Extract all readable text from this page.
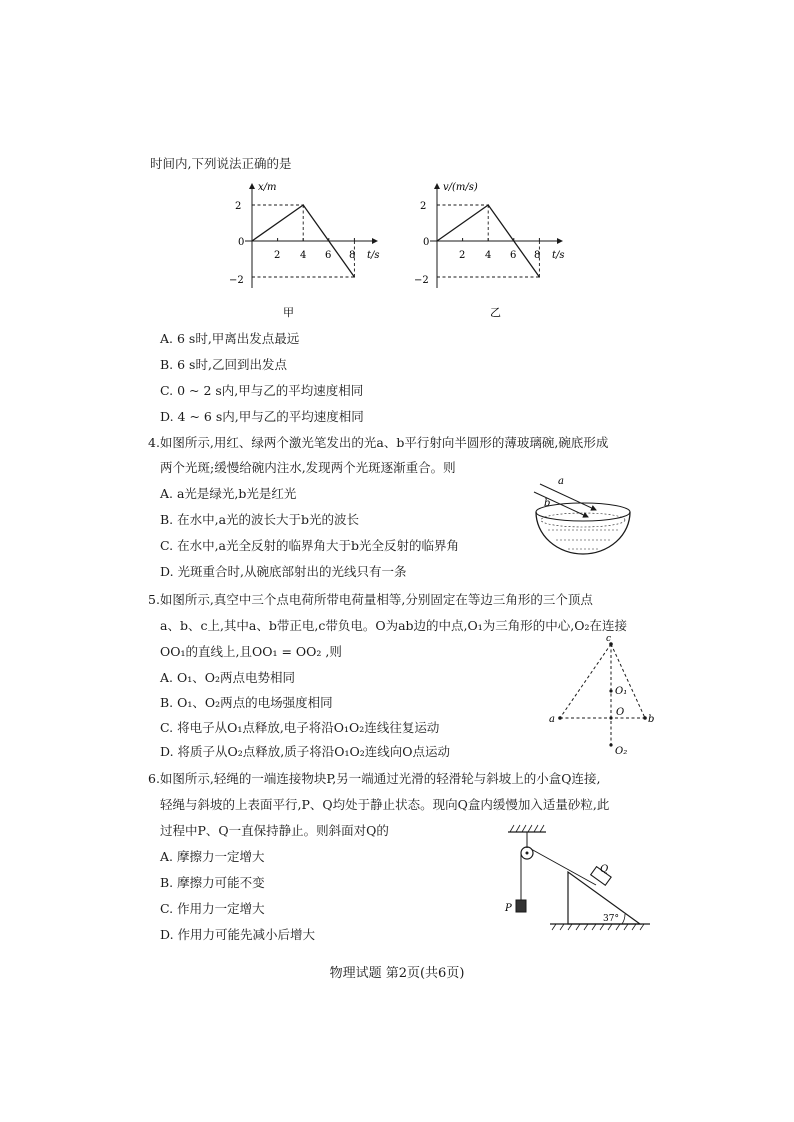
时间内,下列说法正确的是
x/m
t/s
2
0
−2
2 4 6 8
甲
v/(m/s)
t/s
2
0
−2
2 4 6 8
乙
A. 6 s时,甲离出发点最远
B. 6 s时,乙回到出发点
C. 0 ~ 2 s内,甲与乙的平均速度相同
D. 4 ~ 6 s内,甲与乙的平均速度相同
4.如图所示,用红、绿两个激光笔发出的光a、b平行射向半圆形的薄玻璃碗,碗底形成
两个光斑;缓慢给碗内注水,发现两个光斑逐渐重合。则
A. a光是绿光,b光是红光
B. 在水中,a光的波长大于b光的波长
C. 在水中,a光全反射的临界角大于b光全反射的临界角
D. 光斑重合时,从碗底部射出的光线只有一条
a
b
5.如图所示,真空中三个点电荷所带电荷量相等,分别固定在等边三角形的三个顶点
a、b、c上,其中a、b带正电,c带负电。O为ab边的中点,O₁为三角形的中心,O₂在连接
OO₁的直线上,且OO₁ = OO₂ ,则
A. O₁、O₂两点电势相同
B. O₁、O₂两点的电场强度相同
C. 将电子从O₁点释放,电子将沿O₁O₂连线往复运动
D. 将质子从O₂点释放,质子将沿O₁O₂连线向O点运动
c
a	b
O₁
O
O₂
6.如图所示,轻绳的一端连接物块P,另一端通过光滑的轻滑轮与斜坡上的小盒Q连接,
轻绳与斜坡的上表面平行,P、Q均处于静止状态。现向Q盒内缓慢加入适量砂粒,此
过程中P、Q一直保持静止。则斜面对Q的
A. 摩擦力一定增大
B. 摩擦力可能不变
C. 作用力一定增大
D. 作用力可能先减小后增大
P
Q
37°
物理试题 第2页(共6页)
